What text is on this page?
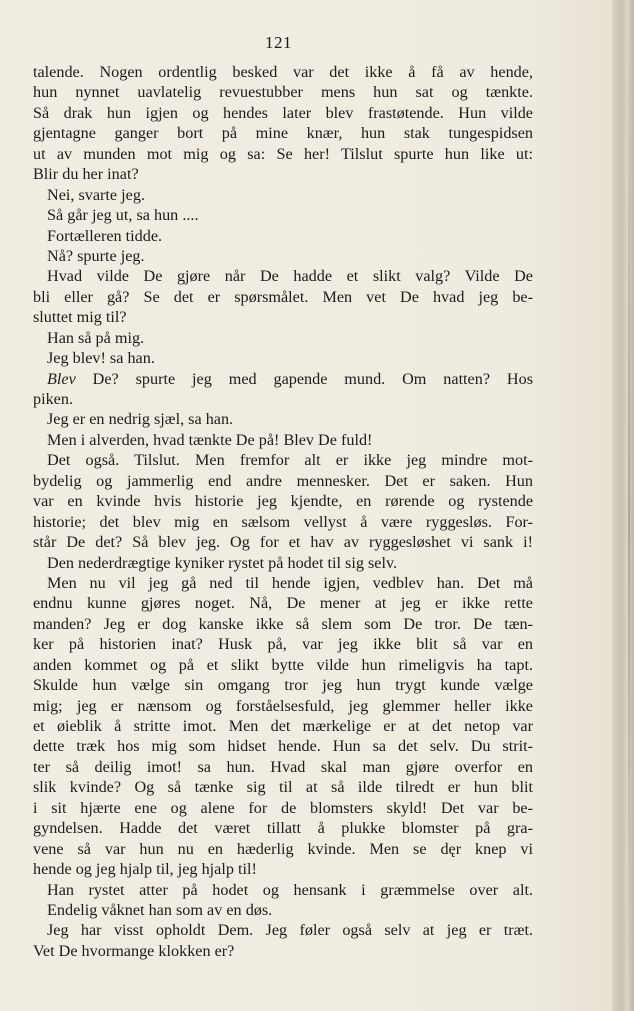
121
talende. Nogen ordentlig besked var det ikke å få av hende,
hun nynnet uavlatelig revuestubber mens hun sat og tænkte.
Så drak hun igjen og hendes later blev frastøtende. Hun vilde
gjentagne ganger bort på mine knær, hun stak tungespidsen
ut av munden mot mig og sa: Se her! Tilslut spurte hun like ut:
Blir du her inat?
Nei, svarte jeg.
Så går jeg ut, sa hun ....
Fortælleren tidde.
Nå? spurte jeg.
Hvad vilde De gjøre når De hadde et slikt valg? Vilde De
bli eller gå? Se det er spørsmålet. Men vet De hvad jeg be-
sluttet mig til?
Han så på mig.
Jeg blev! sa han.
Blev De? spurte jeg med gapende mund. Om natten? Hos
piken.
Jeg er en nedrig sjæl, sa han.
Men i alverden, hvad tænkte De på! Blev De fuld!
Det også. Tilslut. Men fremfor alt er ikke jeg mindre mot-
bydelig og jammerlig end andre mennesker. Det er saken. Hun
var en kvinde hvis historie jeg kjendte, en rørende og rystende
historie; det blev mig en sælsom vellyst å være ryggesløs. For-
står De det? Så blev jeg. Og for et hav av ryggesløshet vi sank i!
Den nederdrægtige kyniker rystet på hodet til sig selv.
Men nu vil jeg gå ned til hende igjen, vedblev han. Det må
endnu kunne gjøres noget. Nå, De mener at jeg er ikke rette
manden? Jeg er dog kanske ikke så slem som De tror. De tæn-
ker på historien inat? Husk på, var jeg ikke blit så var en
anden kommet og på et slikt bytte vilde hun rimeligvis ha tapt.
Skulde hun vælge sin omgang tror jeg hun trygt kunde vælge
mig; jeg er nænsom og forståelsesfuld, jeg glemmer heller ikke
et øieblik å stritte imot. Men det mærkelige er at det netop var
dette træk hos mig som hidset hende. Hun sa det selv. Du strit-
ter så deilig imot! sa hun. Hvad skal man gjøre overfor en
slik kvinde? Og så tænke sig til at så ilde tilredt er hun blit
i sit hjærte ene og alene for de blomsters skyld! Det var be-
gyndelsen. Hadde det været tillatt å plukke blomster på gra-
vene så var hun nu en hæderlig kvinde. Men se dęr knep vi
hende og jeg hjalp til, jeg hjalp til!
Han rystet atter på hodet og hensank i græmmelse over alt.
Endelig våknet han som av en døs.
Jeg har visst opholdt Dem. Jeg føler også selv at jeg er træt.
Vet De hvormange klokken er?
